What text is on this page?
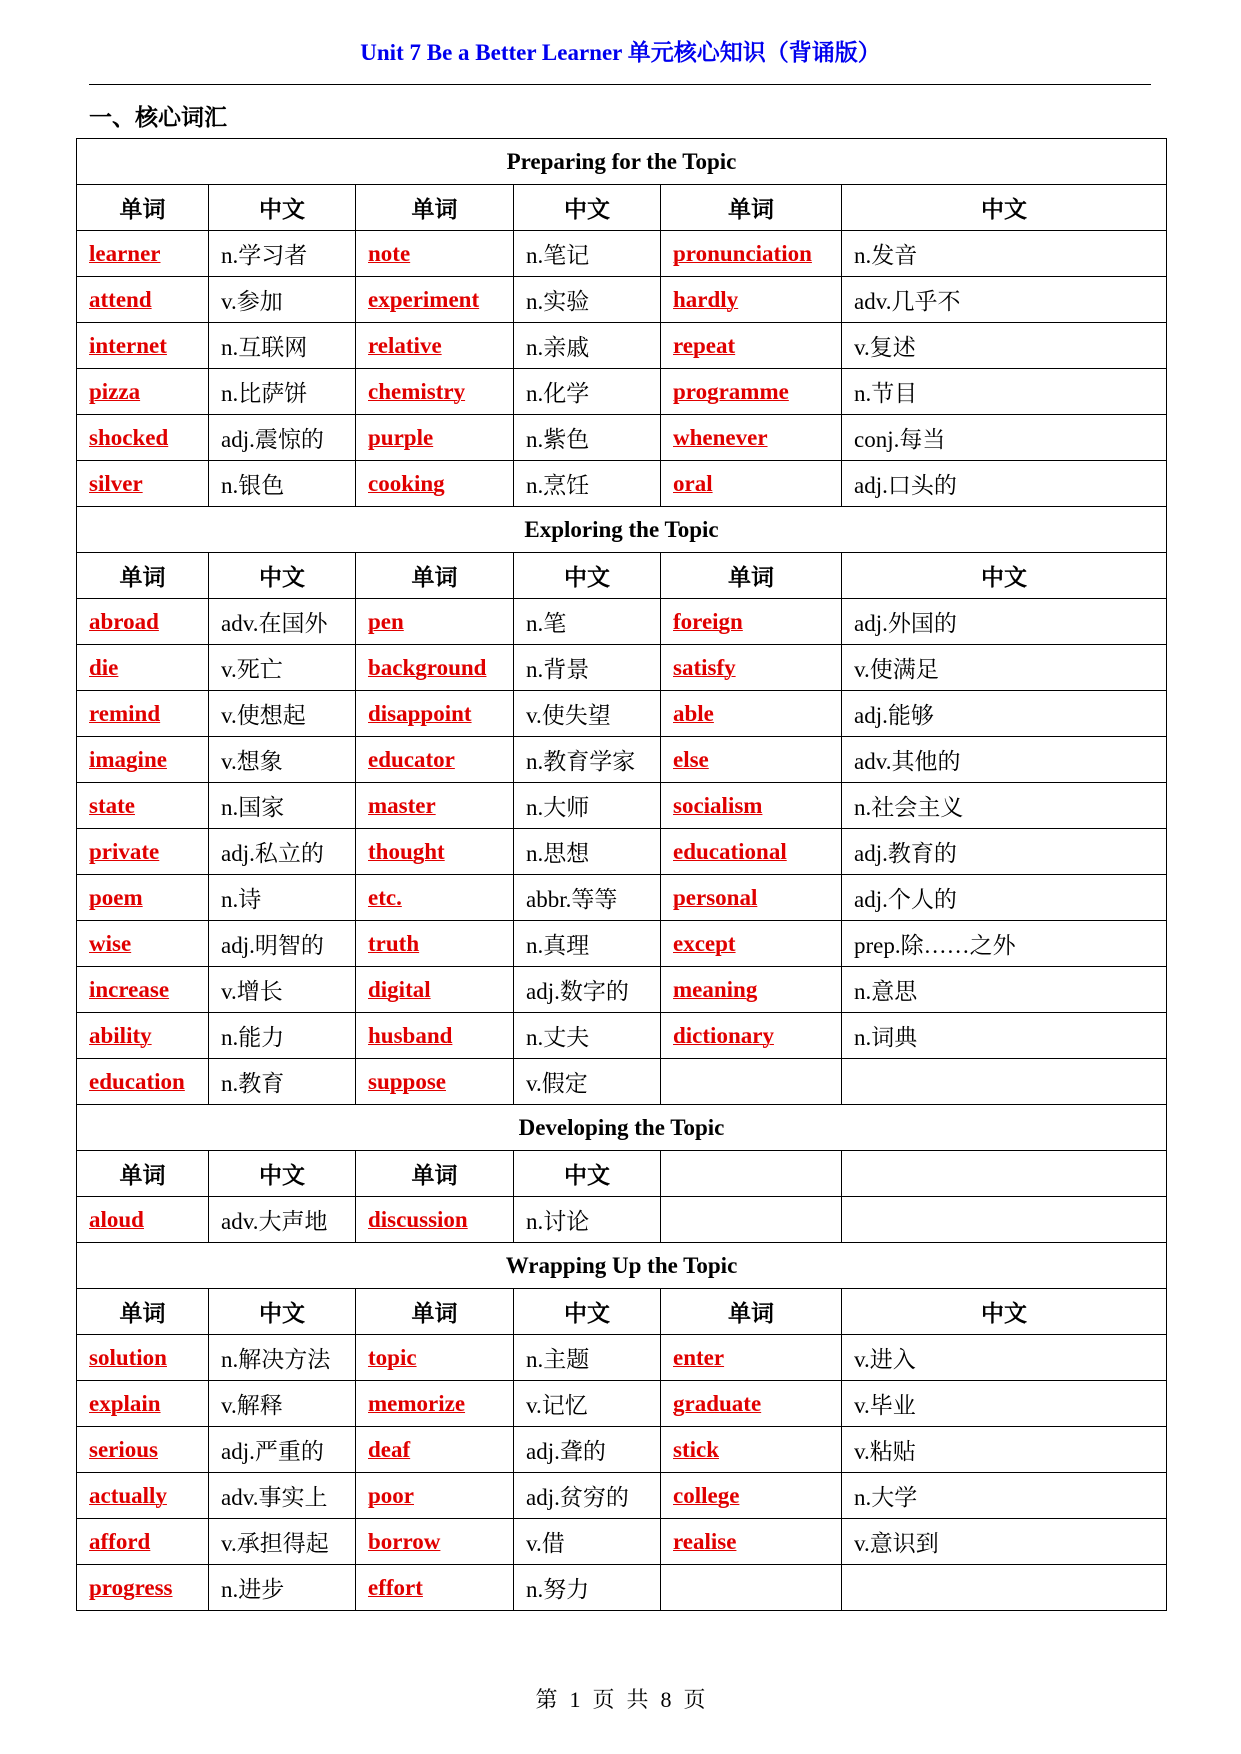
Unit 7 Be a Better Learner 单元核心知识（背诵版）
一、核心词汇
Preparing for the Topic					
单词	中文	单词	中文	单词	中文
learner	n.学习者	note	n.笔记	pronunciation	n.发音
attend	v.参加	experiment	n.实验	hardly	adv.几乎不
internet	n.互联网	relative	n.亲戚	repeat	v.复述
pizza	n.比萨饼	chemistry	n.化学	programme	n.节目
shocked	adj.震惊的	purple	n.紫色	whenever	conj.每当
silver	n.银色	cooking	n.烹饪	oral	adj.口头的
Exploring the Topic					
单词	中文	单词	中文	单词	中文
abroad	adv.在国外	pen	n.笔	foreign	adj.外国的
die	v.死亡	background	n.背景	satisfy	v.使满足
remind	v.使想起	disappoint	v.使失望	able	adj.能够
imagine	v.想象	educator	n.教育学家	else	adv.其他的
state	n.国家	master	n.大师	socialism	n.社会主义
private	adj.私立的	thought	n.思想	educational	adj.教育的
poem	n.诗	etc.	abbr.等等	personal	adj.个人的
wise	adj.明智的	truth	n.真理	except	prep.除……之外
increase	v.增长	digital	adj.数字的	meaning	n.意思
ability	n.能力	husband	n.丈夫	dictionary	n.词典
education	n.教育	suppose	v.假定		
Developing the Topic					
单词	中文	单词	中文		
aloud	adv.大声地	discussion	n.讨论		
Wrapping Up the Topic					
单词	中文	单词	中文	单词	中文
solution	n.解决方法	topic	n.主题	enter	v.进入
explain	v.解释	memorize	v.记忆	graduate	v.毕业
serious	adj.严重的	deaf	adj.聋的	stick	v.粘贴
actually	adv.事实上	poor	adj.贫穷的	college	n.大学
afford	v.承担得起	borrow	v.借	realise	v.意识到
progress	n.进步	effort	n.努力		
第 1 页 共 8 页
